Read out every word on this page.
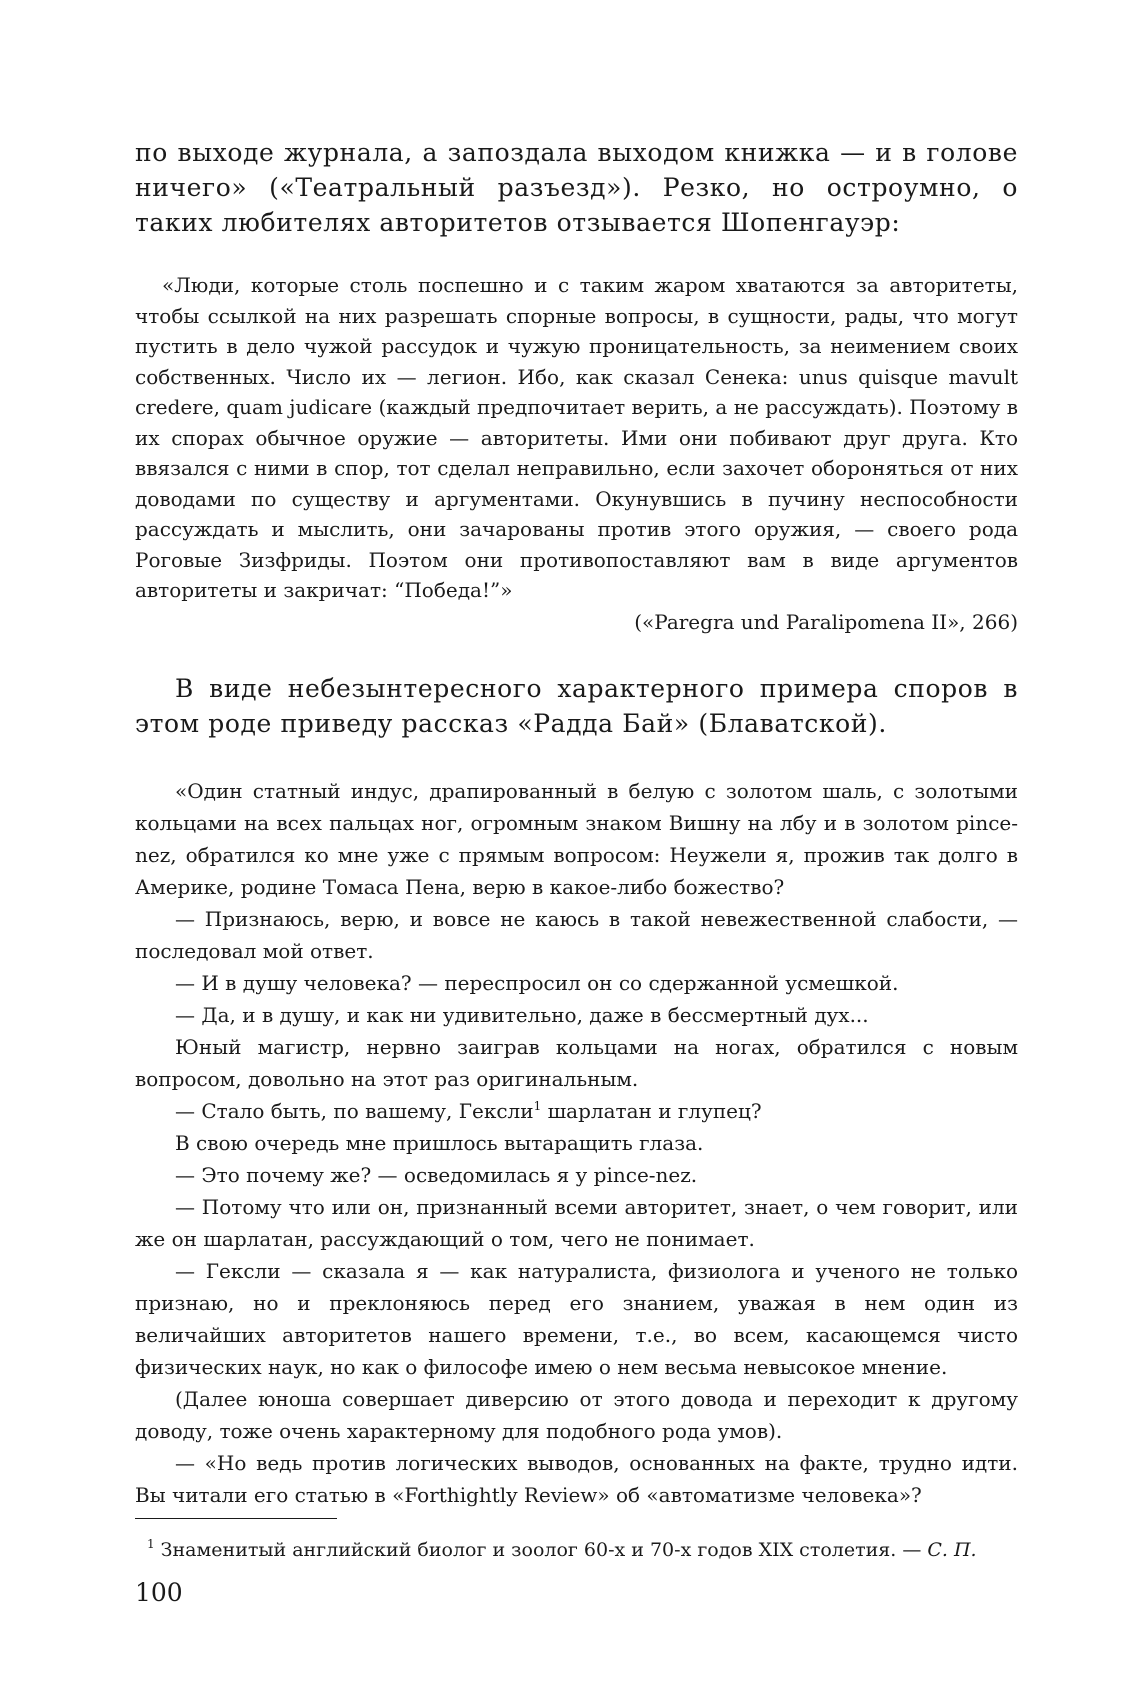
по выходе журнала, а запоздала выходом книжка — и в голове ничего» («Театральный разъезд»). Резко, но остроумно, о таких любителях авторитетов отзывается Шопенгауэр:

«Люди, которые столь поспешно и с таким жаром хватаются за авторитеты, чтобы ссылкой на них разрешать спорные вопросы, в сущности, рады, что могут пустить в дело чужой рассудок и чужую проницательность, за неимением своих собственных. Число их — легион. Ибо, как сказал Сенека: unus quisque mavult credere, quam judicare (каждый предпочитает верить, а не рассуждать). Поэтому в их спорах обычное оружие — авторитеты. Ими они побивают друг друга. Кто ввязался с ними в спор, тот сделал неправильно, если захочет обороняться от них доводами по существу и аргументами. Окунувшись в пучину неспособности рассуждать и мыслить, они зачарованы против этого оружия, — своего рода Роговые Зизфриды. Поэтом они противопоставляют вам в виде аргументов авторитеты и закричат: “Победа!”»

(«Paregra und Paralipomena II», 266)

В виде небезынтересного характерного примера споров в этом роде приведу рассказ «Радда Бай» (Блаватской).

«Один статный индус, драпированный в белую с золотом шаль, с золотыми кольцами на всех пальцах ног, огромным знаком Вишну на лбу и в золотом pince-nez, обратился ко мне уже с прямым вопросом: Неужели я, прожив так долго в Америке, родине Томаса Пена, верю в какое-либо божество?

— Признаюсь, верю, и вовсе не каюсь в такой невежественной слабости, — последовал мой ответ.

— И в душу человека? — переспросил он со сдержанной усмешкой.

— Да, и в душу, и как ни удивительно, даже в бессмертный дух...

Юный магистр, нервно заиграв кольцами на ногах, обратился с новым вопросом, довольно на этот раз оригинальным.

— Стало быть, по вашему, Гексли$^1$ шарлатан и глупец?

В свою очередь мне пришлось вытаращить глаза.

— Это почему же? — осведомилась я у pince-nez.

— Потому что или он, признанный всеми авторитет, знает, о чем говорит, или же он шарлатан, рассуждающий о том, чего не понимает.

— Гексли — сказала я — как натуралиста, физиолога и ученого не только признаю, но и преклоняюсь перед его знанием, уважая в нем один из величайших авторитетов нашего времени, т.е., во всем, касающемся чисто физических наук, но как о философе имею о нем весьма невысокое мнение.

(Далее юноша совершает диверсию от этого довода и переходит к другому доводу, тоже очень характерному для подобного рода умов).

— «Но ведь против логических выводов, основанных на факте, трудно идти. Вы читали его статью в «Forthightly Review» об «автоматизме человека»?

$^1$ Знаменитый английский биолог и зоолог 60-х и 70-х годов XIX столетия. — С. П.

100
